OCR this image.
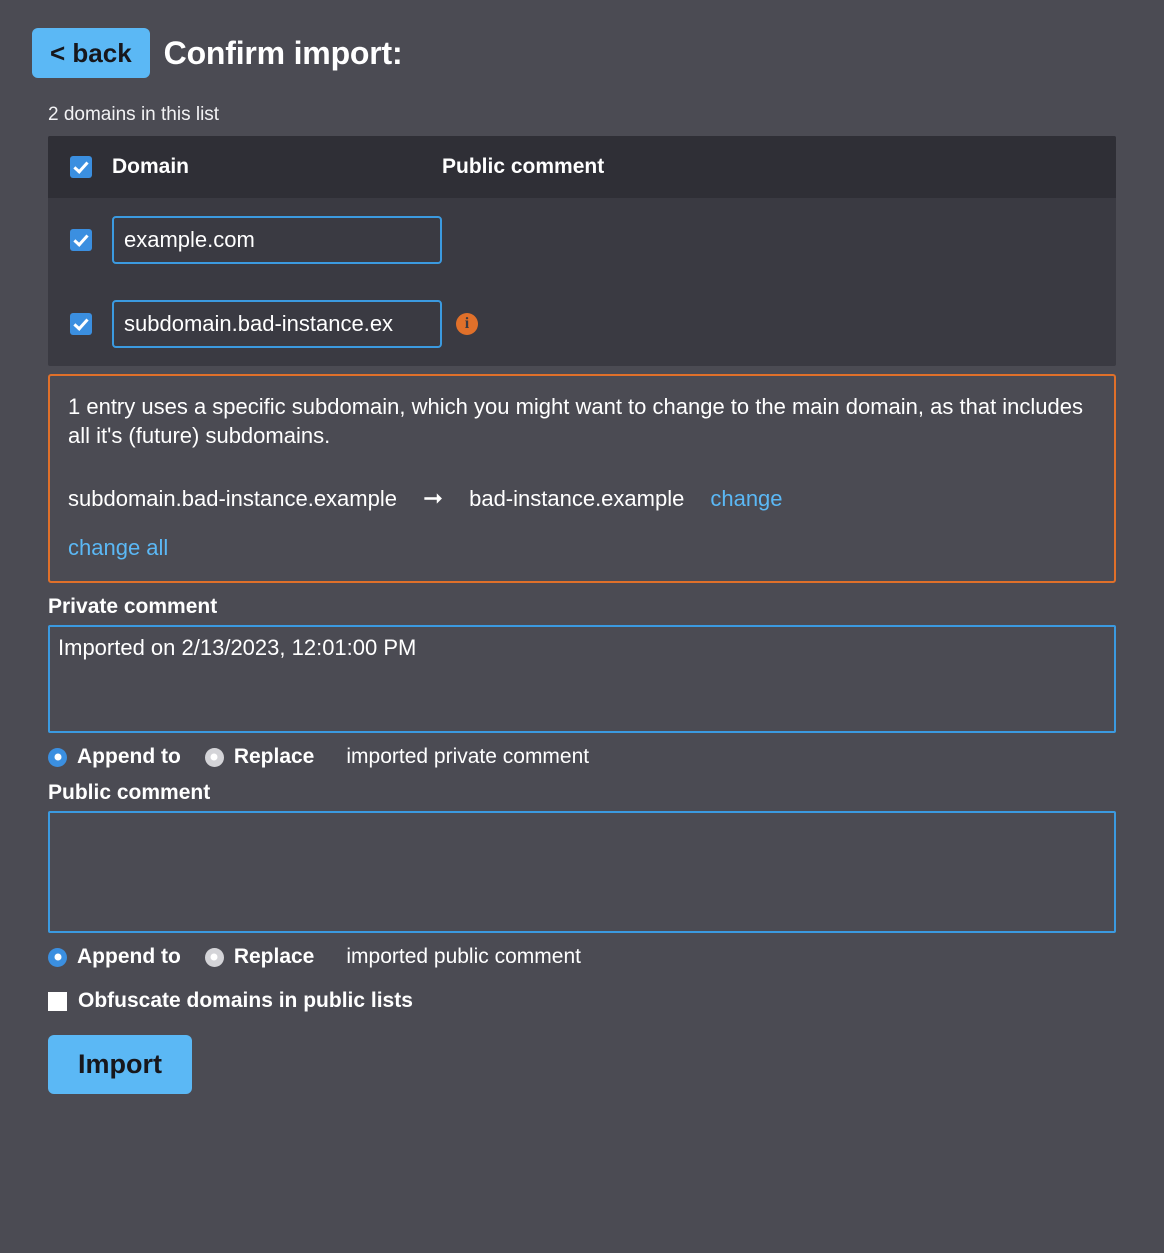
< back	Confirm import:
2 domains in this list
Domain	Public comment
example.com
subdomain.bad-instance.ex
i

1 entry uses a specific subdomain, which you might want to change to the main domain, as that includes all it's (future) subdomains.

subdomain.bad-instance.example ➞ bad-instance.example change
change all
Private comment
Imported on 2/13/2023, 12:01:00 PM
Append to	Replace imported private comment
Public comment
Append to	Replace imported public comment
Obfuscate domains in public lists
Import
